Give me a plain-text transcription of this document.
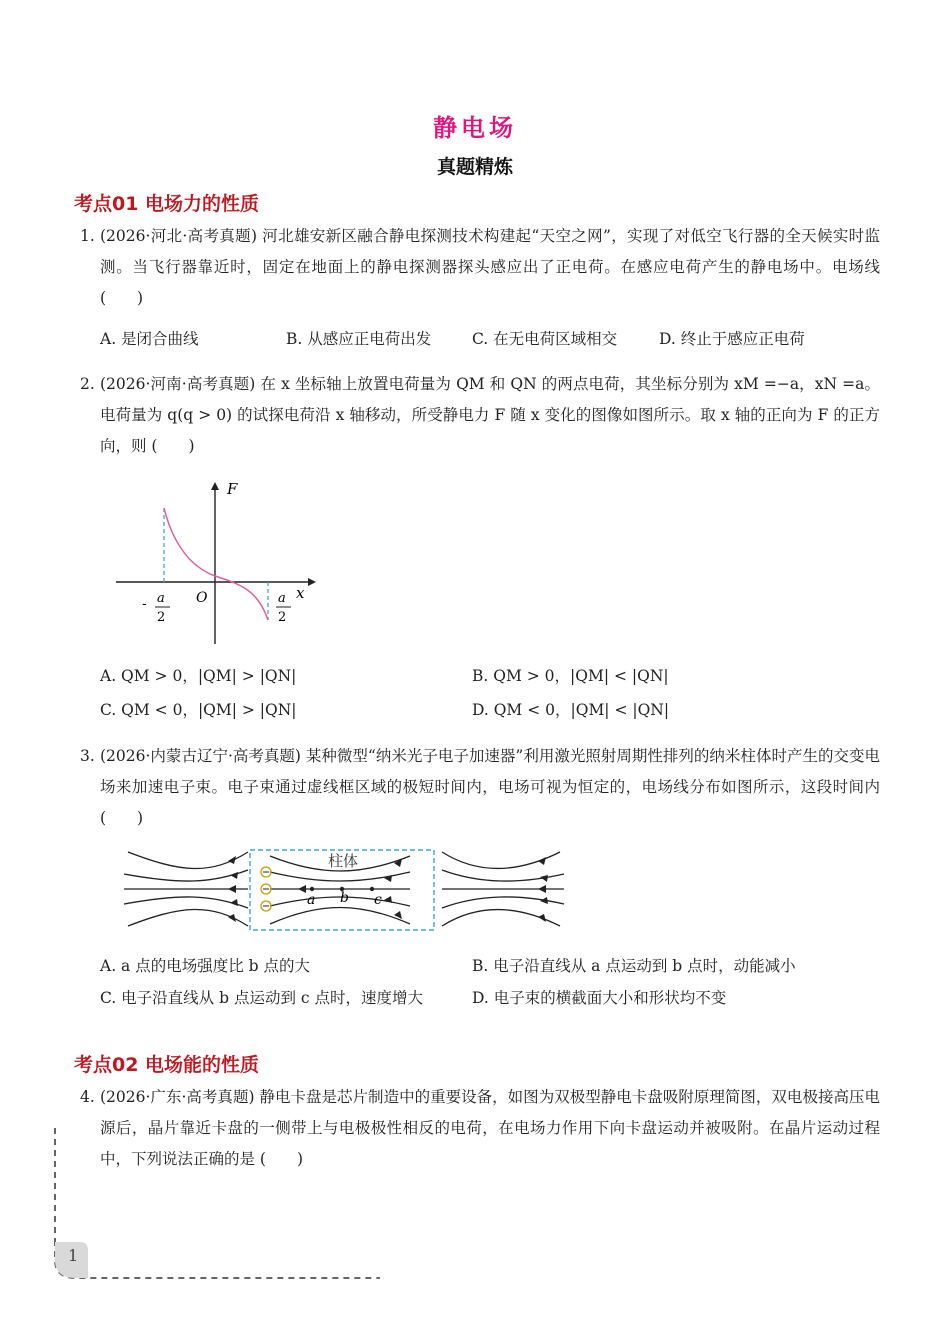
静电场
真题精炼
考点01 电场力的性质
1. (2026·河北·高考真题) 河北雄安新区融合静电探测技术构建起“天空之网”，实现了对低空飞行器的全天候实时监测。当飞行器靠近时，固定在地面上的静电探测器探头感应出了正电荷。在感应电荷产生的静电场中。电场线 (　　)
A. 是闭合曲线	B. 从感应正电荷出发	C. 在无电荷区域相交	D. 终止于感应正电荷
2. (2026·河南·高考真题) 在 x 坐标轴上放置电荷量为 QM 和 QN 的两点电荷，其坐标分别为 xM =−a，xN =a。电荷量为 q(q > 0) 的试探电荷沿 x 轴移动，所受静电力 F 随 x 变化的图像如图所示。取 x 轴的正向为 F 的正方向，则 (　　)
F
x
O
- a
2
a
2
A. QM > 0，|QM| > |QN|	B. QM > 0，|QM| < |QN|
C. QM < 0，|QM| > |QN|	D. QM < 0，|QM| < |QN|
3. (2026·内蒙古辽宁·高考真题) 某种微型“纳米光子电子加速器”利用激光照射周期性排列的纳米柱体时产生的交变电场来加速电子束。电子束通过虚线框区域的极短时间内，电场可视为恒定的，电场线分布如图所示，这段时间内 (　　)
柱体
a b c
A. a 点的电场强度比 b 点的大	B. 电子沿直线从 a 点运动到 b 点时，动能减小
C. 电子沿直线从 b 点运动到 c 点时，速度增大	D. 电子束的横截面大小和形状均不变
考点02 电场能的性质
4. (2026·广东·高考真题) 静电卡盘是芯片制造中的重要设备，如图为双极型静电卡盘吸附原理简图，双电极接高压电源后，晶片靠近卡盘的一侧带上与电极极性相反的电荷，在电场力作用下向卡盘运动并被吸附。在晶片运动过程中，下列说法正确的是 (　　)
1
